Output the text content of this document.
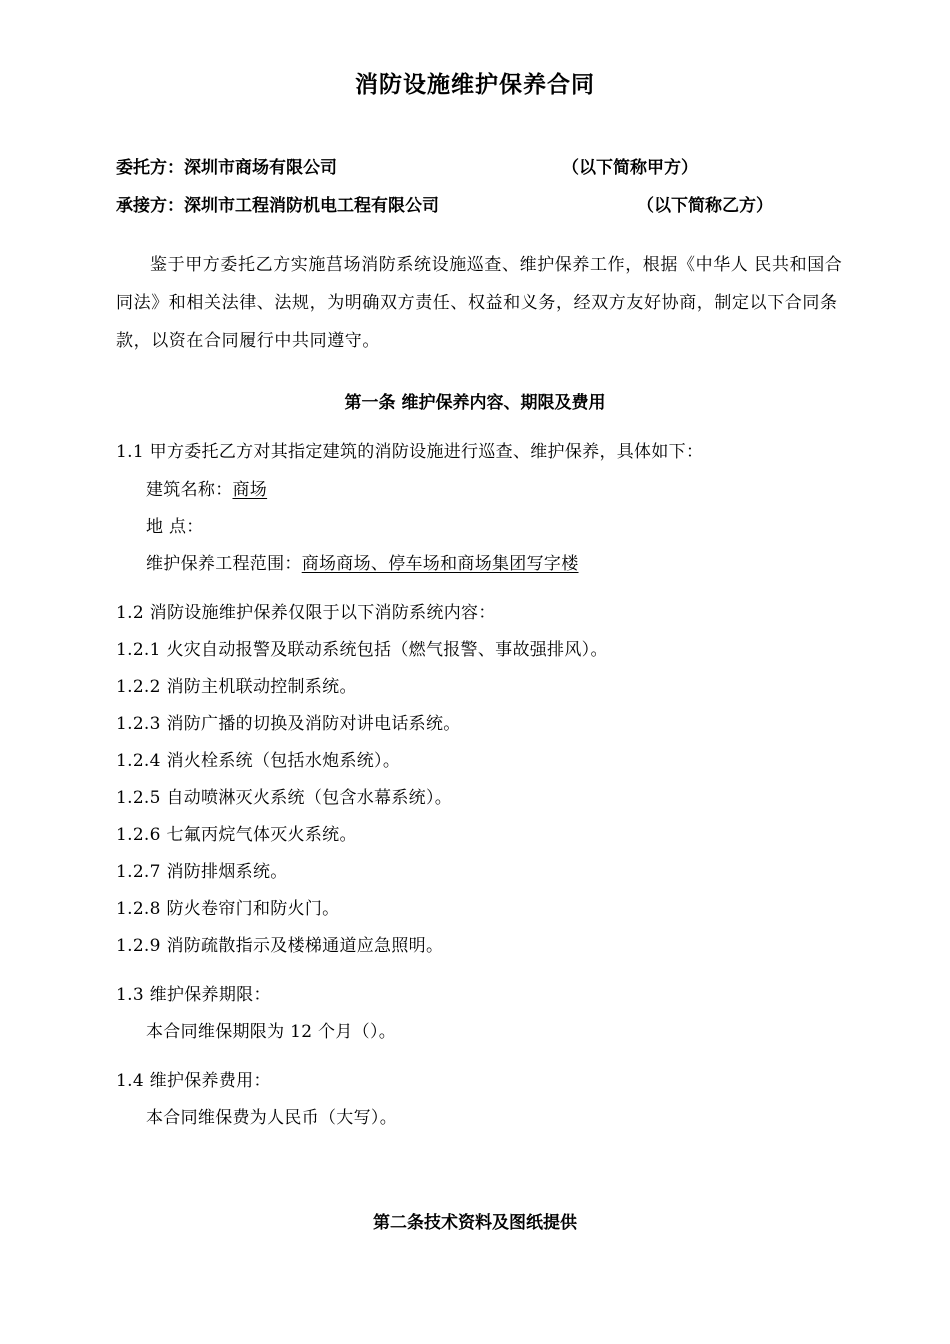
消防设施维护保养合同
委托方：深圳市商场有限公司	（以下简称甲方）
承接方：深圳市工程消防机电工程有限公司	（以下简称乙方）
鉴于甲方委托乙方实施莒场消防系统设施巡查、维护保养工作，根据《中华人 民共和国合同法》和相关法律、法规，为明确双方责任、权益和义务，经双方友好协商，制定以下合同条款，以资在合同履行中共同遵守。
第一条 维护保养内容、期限及费用
1.1 甲方委托乙方对其指定建筑的消防设施进行巡查、维护保养，具体如下：
建筑名称：商场
地 点：
维护保养工程范围：商场商场、停车场和商场集团写字楼
1.2 消防设施维护保养仅限于以下消防系统内容：
1.2.1 火灾自动报警及联动系统包括（燃气报警、事故强排风）。
1.2.2 消防主机联动控制系统。
1.2.3 消防广播的切换及消防对讲电话系统。
1.2.4 消火栓系统（包括水炮系统）。
1.2.5 自动喷淋灭火系统（包含水幕系统）。
1.2.6 七氟丙烷气体灭火系统。
1.2.7 消防排烟系统。
1.2.8 防火卷帘门和防火门。
1.2.9 消防疏散指示及楼梯通道应急照明。
1.3 维护保养期限：
本合同维保期限为 12 个月（）。
1.4 维护保养费用：
本合同维保费为人民币（大写）。
第二条技术资料及图纸提供
